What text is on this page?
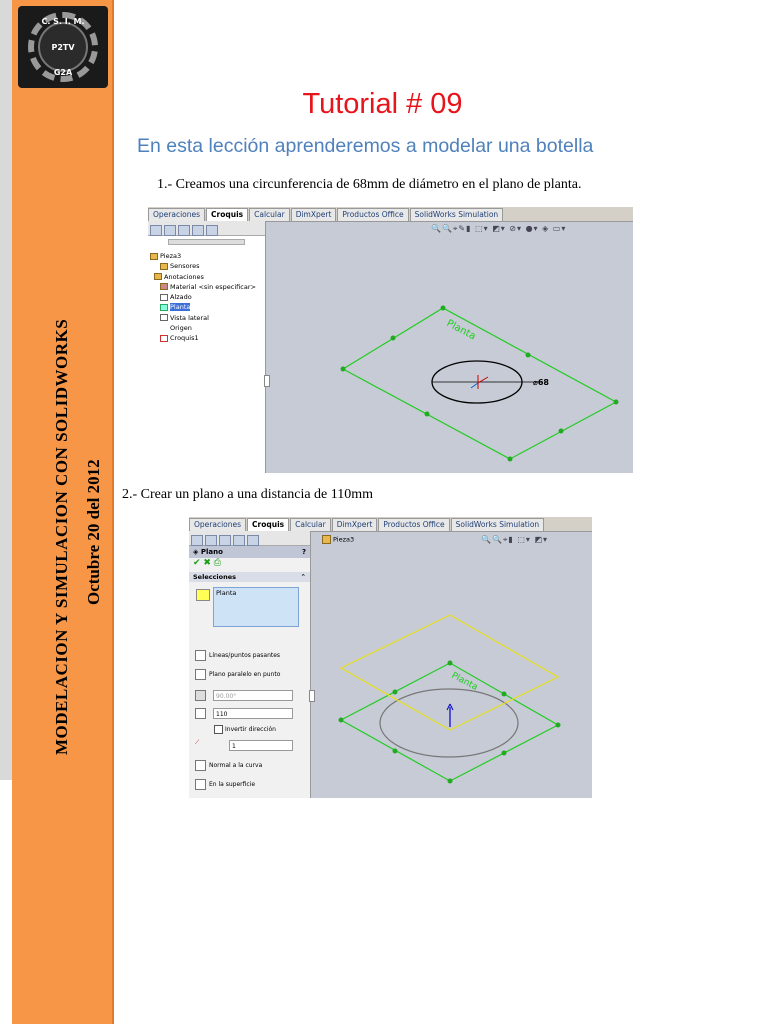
C. S. I. M.
P2TV
G2A
MODELACION Y SIMULACION CON SOLIDWORKS Octubre 20 del 2012
Tutorial # 09
En esta lección aprenderemos a modelar una botella
1.- Creamos una circunferencia de 68mm de diámetro en el plano de planta.
Operaciones Croquis Calcular DimXpert Productos Office SolidWorks Simulation
Pieza3
Sensores
Anotaciones
Material <sin especificar>
Alzado
Planta
Vista lateral
Origen
Croquis1
🔍🔍⌖✎▮ ⬚▾ ◩▾ ⊘▾ ●▾ ◈ ▭▾
Planta
⌀68
2.- Crear un plano a una distancia de 110mm
Operaciones Croquis Calcular DimXpert Productos Office SolidWorks Simulation
◈ Plano	?
✔ ✖ ⎙
Selecciones	⌃
Planta
Líneas/puntos pasantes
Plano paralelo en punto
90.00°
110
Invertir dirección
⟋
1
Normal a la curva
En la superficie
Pieza3	🔍🔍⌖▮ ⬚▾ ◩▾
Planta
